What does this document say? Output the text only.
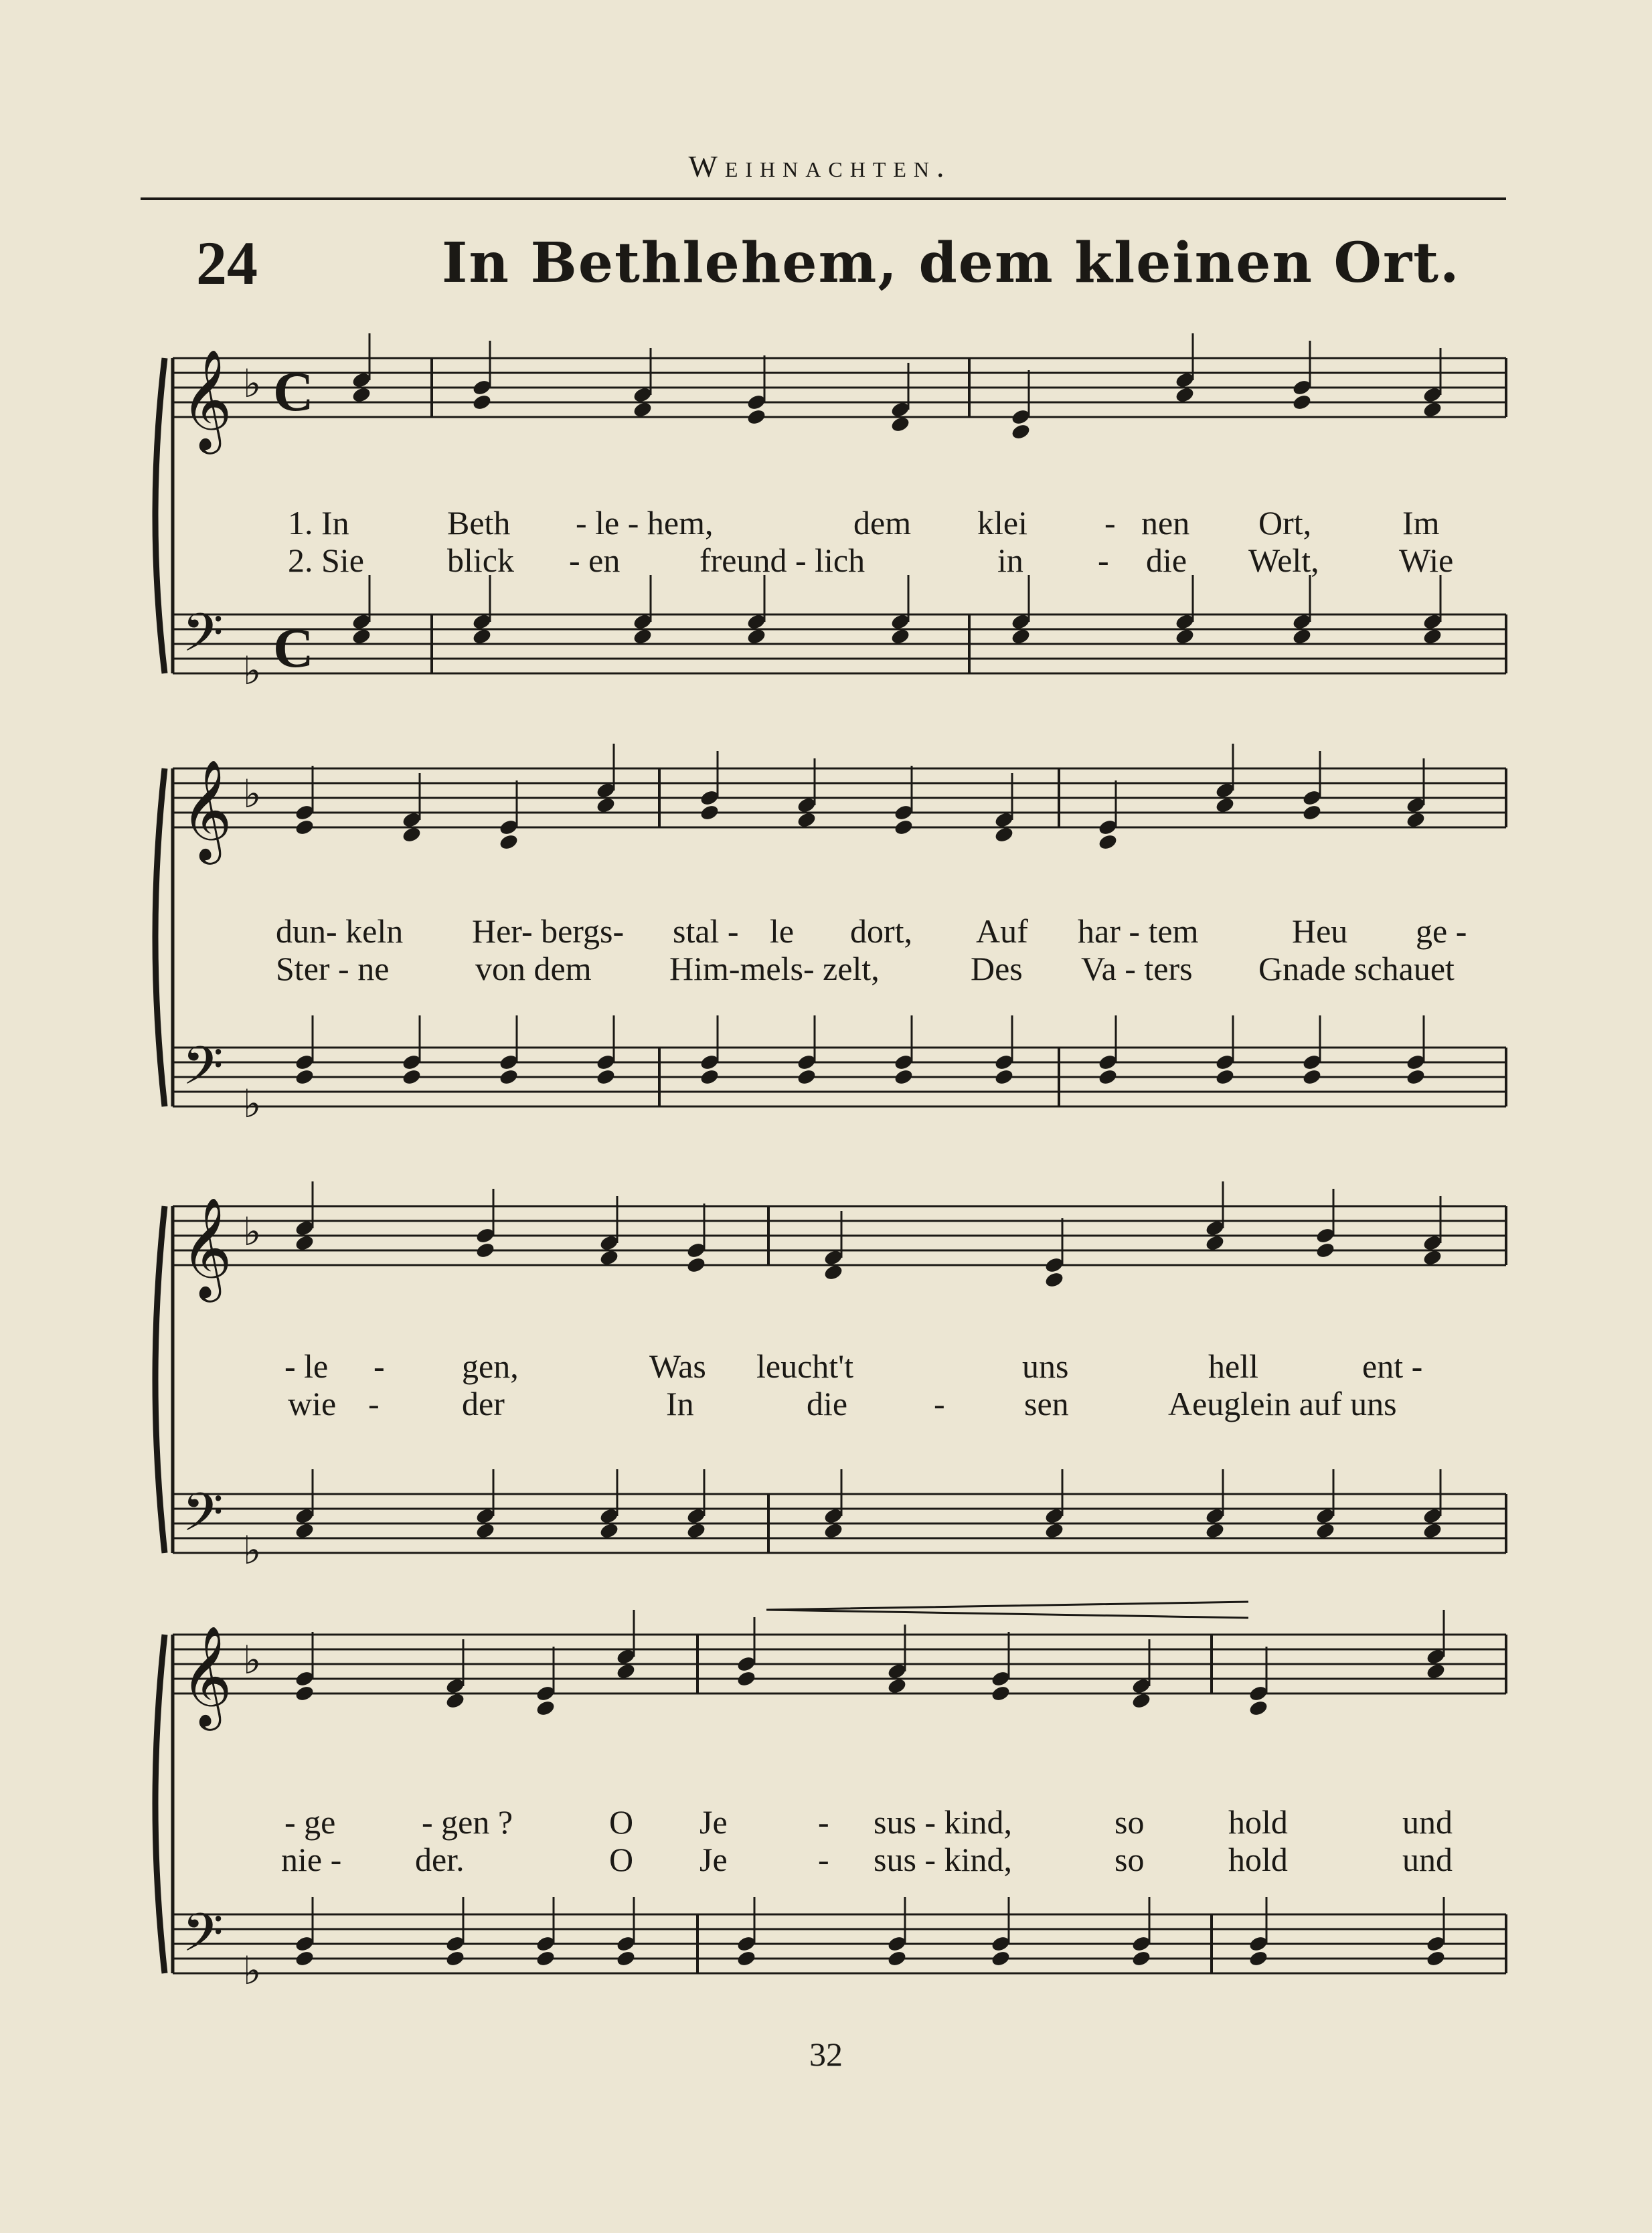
Weihnachten.
24	In Bethlehem, dem kleinen Ort.
𝄞
𝄢
♭
♭
C
C
𝄞
𝄢
♭
♭
𝄞
𝄢
♭
♭
𝄞
𝄢
♭
♭
1. In	Beth - le - hem,	dem klei - nen Ort,	Im
2. Sie blick - en freund - lich	in - die Welt, Wie
dun- keln Her- bergs- stal - le dort, Auf har - tem	Heu ge -
Ster - ne	von dem Him-mels- zelt,	Des Va - ters Gnade schauet
- le - gen,	Was leucht't	uns	hell	ent -
wie - der	In	die	- sen	Aeuglein auf uns
- ge	- gen ?	O Je	- sus - kind,	so	hold	und
nie - der.	O Je	- sus - kind,	so	hold	und
32
